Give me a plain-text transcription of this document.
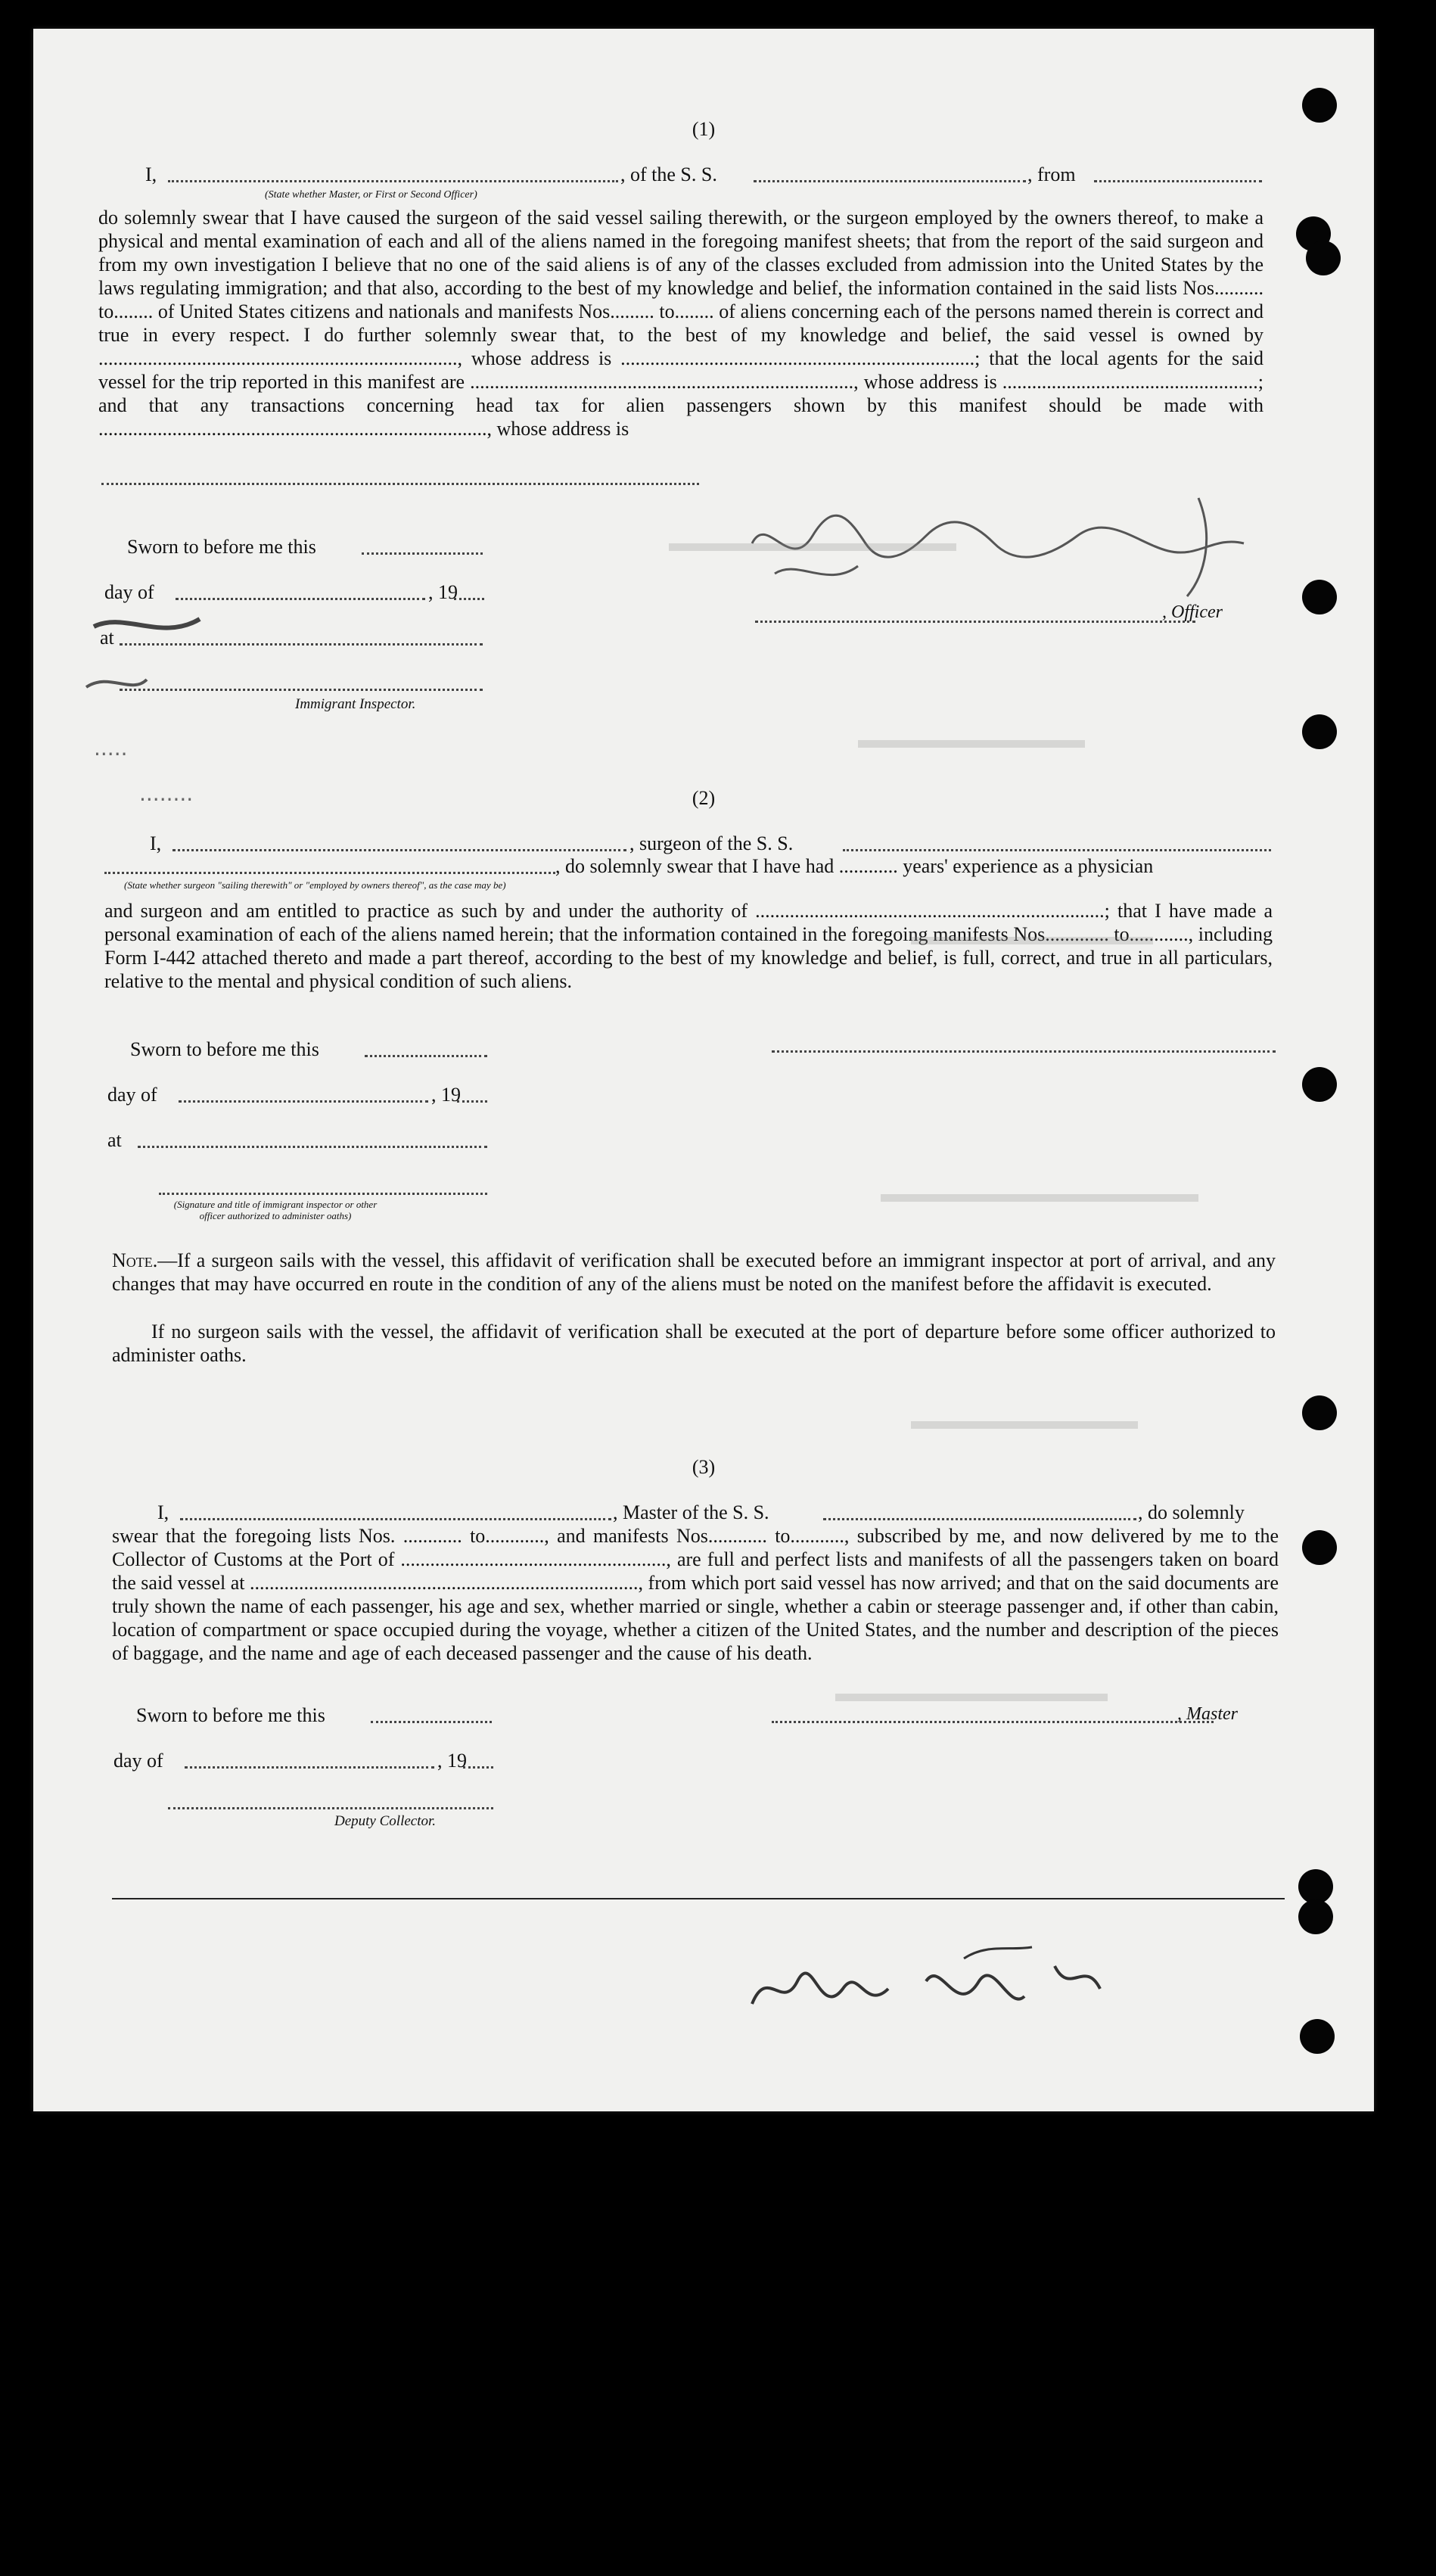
(1)
I,	, of the S. S.	, from
(State whether Master, or First or Second Officer)
do solemnly swear that I have caused the surgeon of the said vessel sailing therewith, or the surgeon employed by the owners thereof, to make a physical and mental examination of each and all of the aliens named in the foregoing manifest sheets; that from the report of the said surgeon and from my own investigation I believe that no one of the said aliens is of any of the classes excluded from admission into the United States by the laws regulating immigration; and that also, according to the best of my knowledge and belief, the information contained in the said lists Nos.......... to........ of United States citizens and nationals and manifests Nos......... to........ of aliens concerning each of the persons named therein is correct and true in every respect. I do further solemnly swear that, to the best of my knowledge and belief, the said vessel is owned by ........................................................................., whose address is ........................................................................; that the local agents for the said vessel for the trip reported in this manifest are .............................................................................., whose address is ....................................................; and that any transactions concerning head tax for alien passengers shown by this manifest should be made with ..............................................................................., whose address is
Sworn to before me this
day of	, 19
at
Immigrant Inspector.
, Officer
.....
........	(2)
I,	, surgeon of the S. S.
, do solemnly swear that I have had ............ years' experience as a physician
(State whether surgeon "sailing therewith" or "employed by owners thereof", as the case may be)
and surgeon and am entitled to practice as such by and under the authority of .......................................................................; that I have made a personal examination of each of the aliens named herein; that the information contained in the foregoing manifests Nos............. to............, including Form I-442 attached thereto and made a part thereof, according to the best of my knowledge and belief, is full, correct, and true in all particulars, relative to the mental and physical condition of such aliens.
Sworn to before me this
day of	, 19
at
(Signature and title of immigrant inspector or other officer authorized to administer oaths)
Note.—If a surgeon sails with the vessel, this affidavit of verification shall be executed before an immigrant inspector at port of arrival, and any changes that may have occurred en route in the condition of any of the aliens must be noted on the manifest before the affidavit is executed.
If no surgeon sails with the vessel, the affidavit of verification shall be executed at the port of departure before some officer authorized to administer oaths.
(3)
I,	, Master of the S. S.	, do solemnly
swear that the foregoing lists Nos. ............ to............, and manifests Nos............ to..........., subscribed by me, and now delivered by me to the Collector of Customs at the Port of ......................................................, are full and perfect lists and manifests of all the passengers taken on board the said vessel at ..............................................................................., from which port said vessel has now arrived; and that on the said documents are truly shown the name of each passenger, his age and sex, whether married or single, whether a cabin or steerage passenger and, if other than cabin, location of compartment or space occupied during the voyage, whether a citizen of the United States, and the number and description of the pieces of baggage, and the name and age of each deceased passenger and the cause of his death.
Sworn to before me this
day of	, 19
Deputy Collector.
, Master
